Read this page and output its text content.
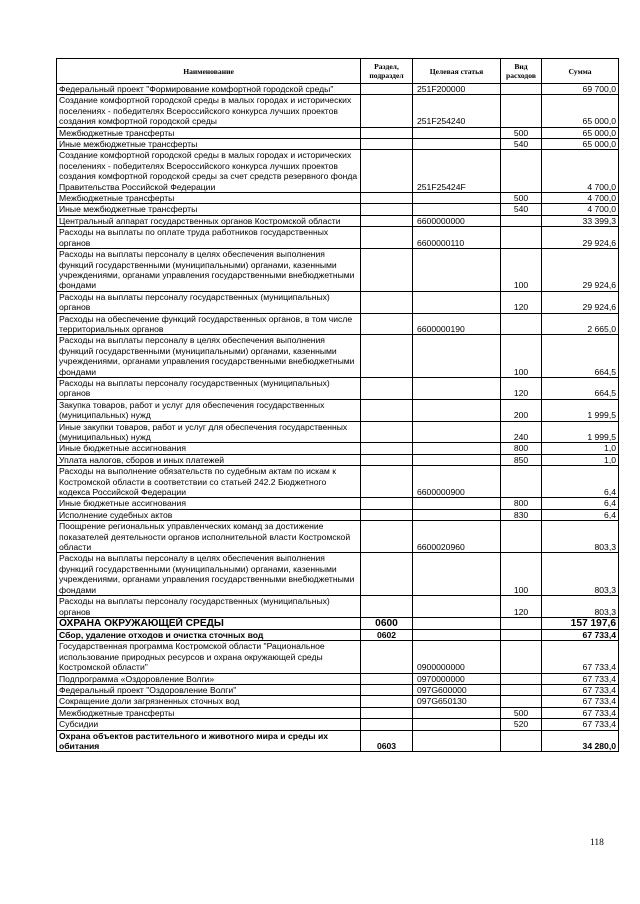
Наименование	Раздел, подраздел	Целевая статья	Вид расходов	Сумма
Федеральный проект "Формирование комфортной городской среды"		251F200000		69 700,0
Создание комфортной городской среды в малых городах и исторических поселениях - победителях Всероссийского конкурса лучших проектов создания комфортной городской среды		251F254240		65 000,0
Межбюджетные трансферты			500	65 000,0
Иные межбюджетные трансферты			540	65 000,0
Создание комфортной городской среды в малых городах и исторических поселениях - победителях Всероссийского конкурса лучших проектов создания комфортной городской среды за счет средств резервного фонда Правительства Российской Федерации		251F25424F		4 700,0
Межбюджетные трансферты			500	4 700,0
Иные межбюджетные трансферты			540	4 700,0
Центральный аппарат государственных органов Костромской области		6600000000		33 399,3
Расходы на выплаты по оплате труда работников государственных органов		6600000110		29 924,6
Расходы на выплаты персоналу в целях обеспечения выполнения функций государственными (муниципальными) органами, казенными учреждениями, органами управления государственными внебюджетными фондами			100	29 924,6
Расходы на выплаты персоналу государственных (муниципальных) органов			120	29 924,6
Расходы на обеспечение функций государственных органов, в том числе территориальных органов		6600000190		2 665,0
Расходы на выплаты персоналу в целях обеспечения выполнения функций государственными (муниципальными) органами, казенными учреждениями, органами управления государственными внебюджетными фондами			100	664,5
Расходы на выплаты персоналу государственных (муниципальных) органов			120	664,5
Закупка товаров, работ и услуг для обеспечения государственных (муниципальных) нужд			200	1 999,5
Иные закупки товаров, работ и услуг для обеспечения государственных (муниципальных) нужд			240	1 999,5
Иные бюджетные ассигнования			800	1,0
Уплата налогов, сборов и иных платежей			850	1,0
Расходы на выполнение обязательств по судебным актам по искам к Костромской области в соответствии со статьей 242.2 Бюджетного кодекса Российской Федерации		6600000900		6,4
Иные бюджетные ассигнования			800	6,4
Исполнение судебных актов			830	6,4
Поощрение региональных управленческих команд за достижение показателей деятельности органов исполнительной власти Костромской области		6600020960		803,3
Расходы на выплаты персоналу в целях обеспечения выполнения функций государственными (муниципальными) органами, казенными учреждениями, органами управления государственными внебюджетными фондами			100	803,3
Расходы на выплаты персоналу государственных (муниципальных) органов			120	803,3
ОХРАНА ОКРУЖАЮЩЕЙ СРЕДЫ	0600			157 197,6
Сбор, удаление отходов и очистка сточных вод	0602			67 733,4
Государственная программа Костромской области "Рациональное использование природных ресурсов и охрана окружающей среды Костромской области"		0900000000		67 733,4
Подпрограмма «Оздоровление Волги»		0970000000		67 733,4
Федеральный проект "Оздоровление Волги"		097G600000		67 733,4
Сокращение доли загрязненных сточных вод		097G650130		67 733,4
Межбюджетные трансферты			500	67 733,4
Субсидии			520	67 733,4
Охрана объектов растительного и животного мира и среды их обитания	0603			34 280,0
118
